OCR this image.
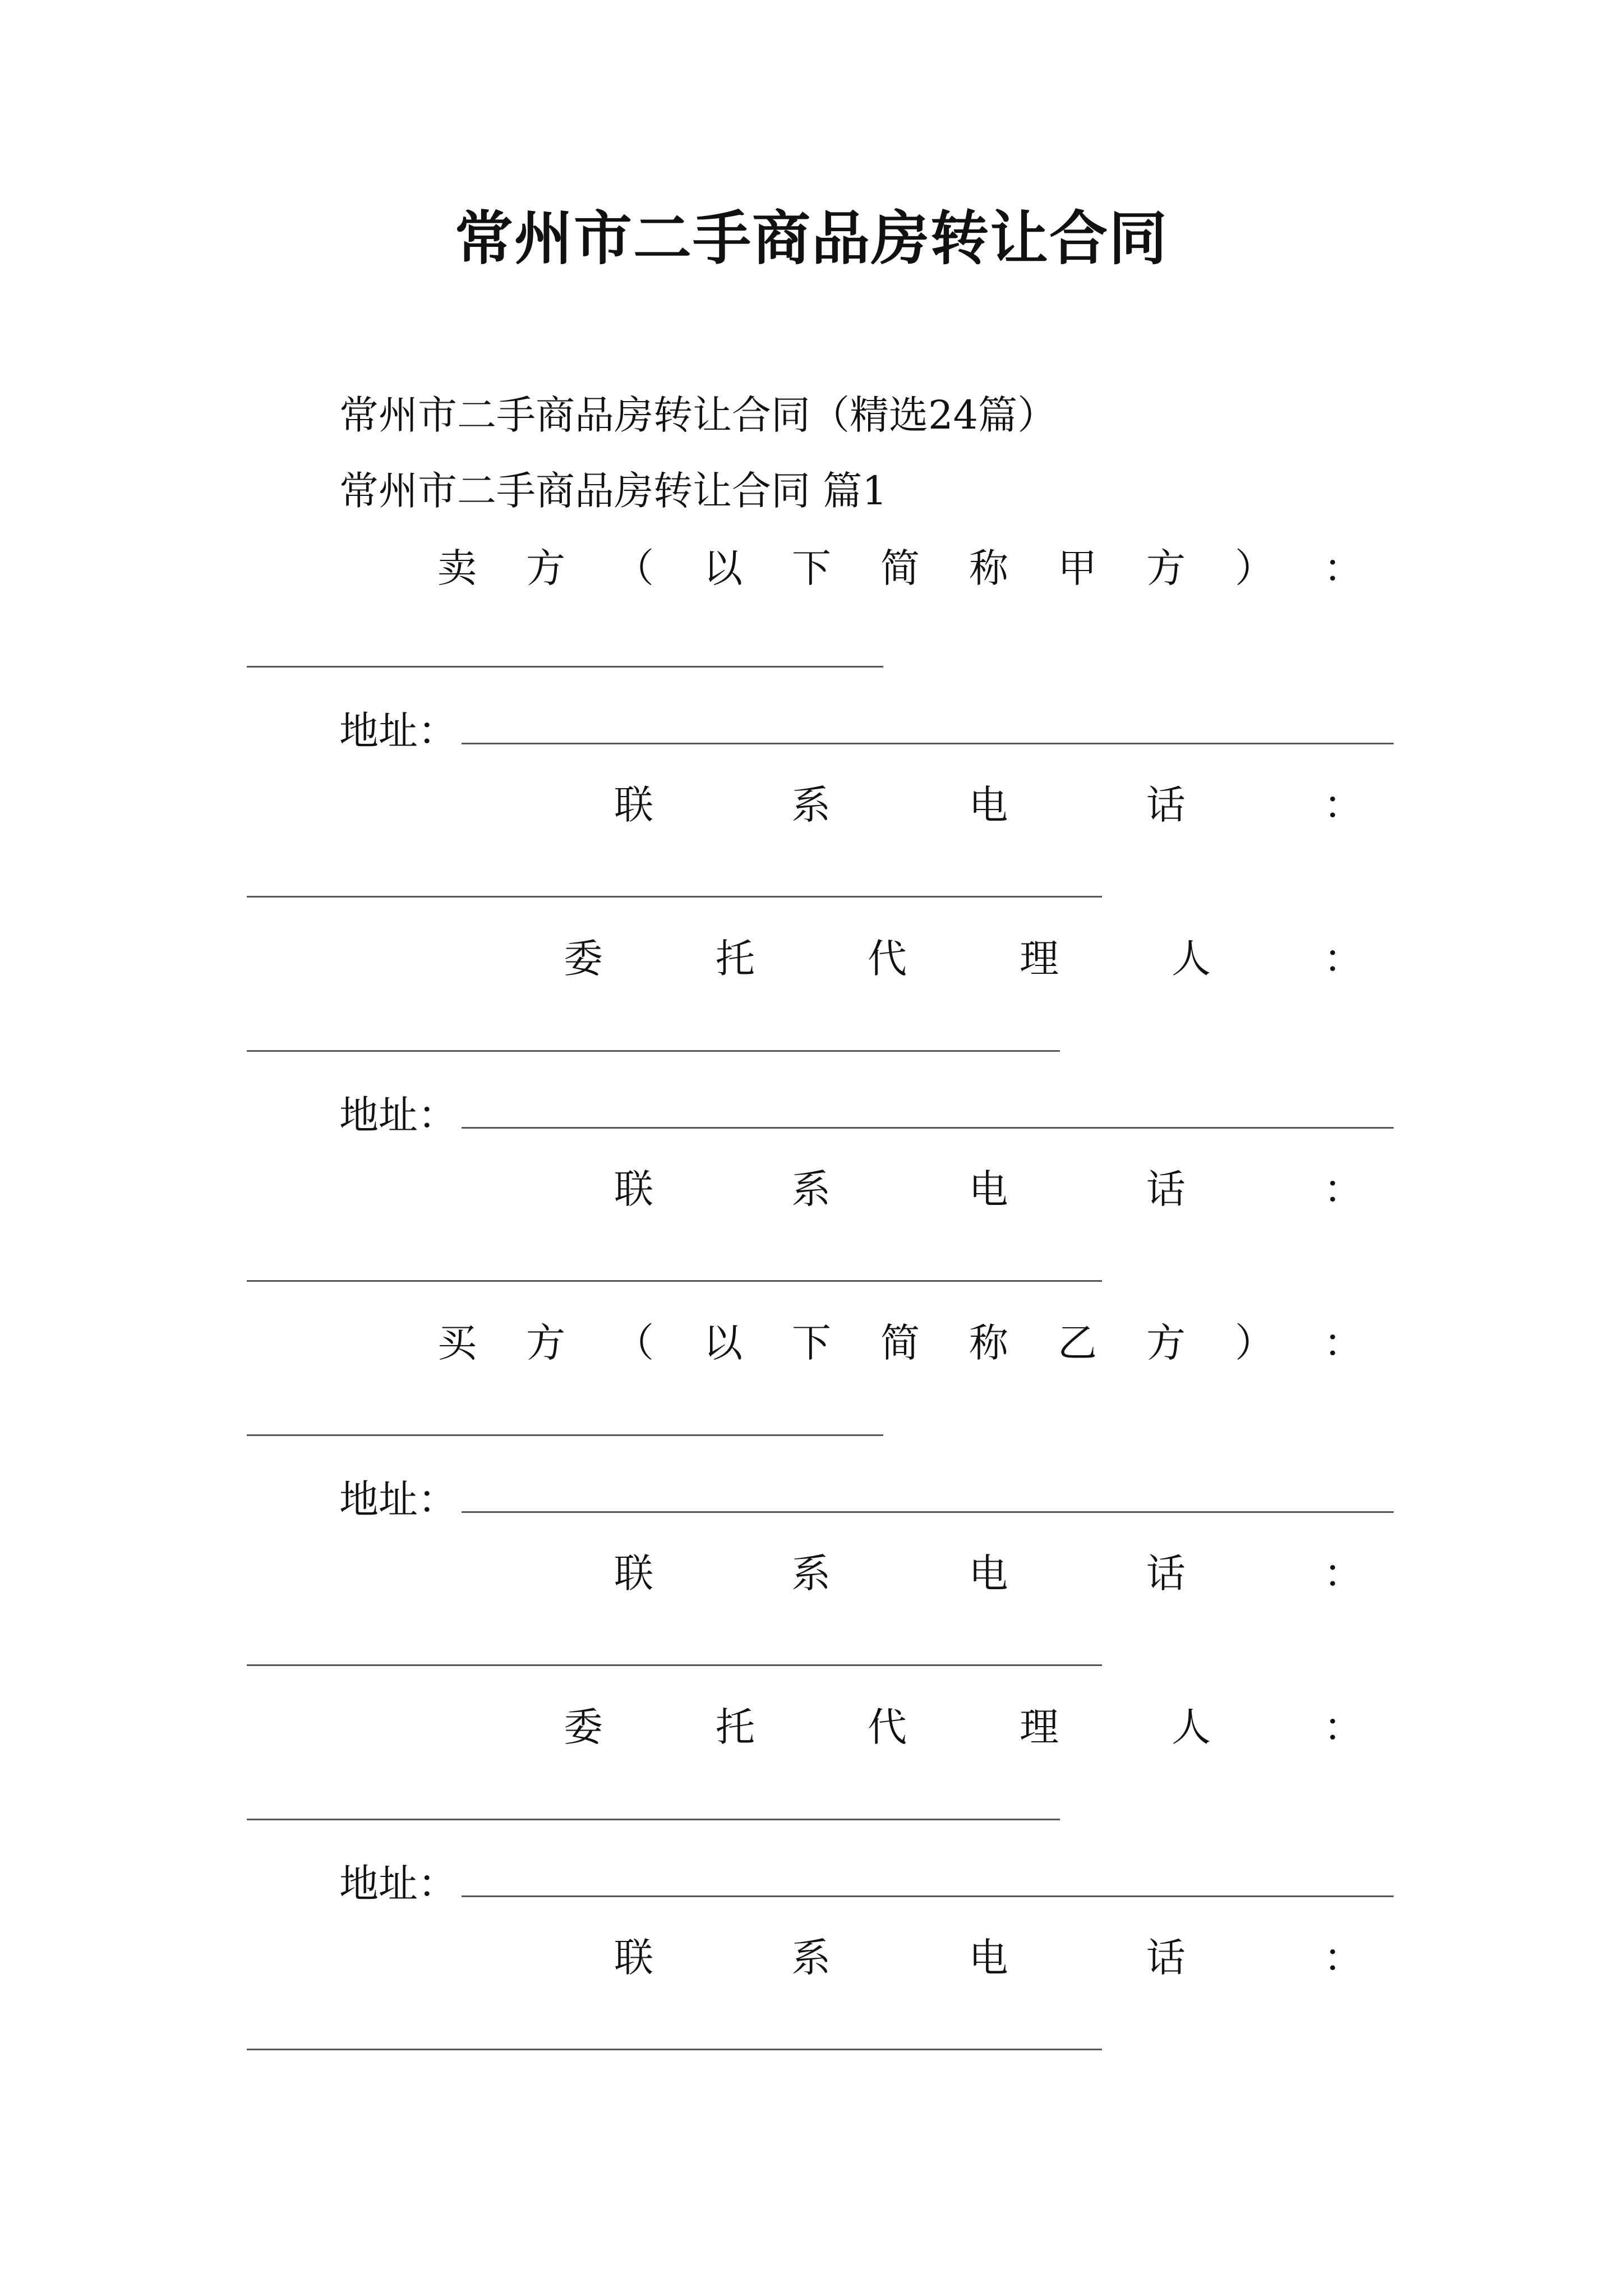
常州市二手商品房转让合同
常州市二手商品房转让合同（精选24篇）
常州市二手商品房转让合同 篇1
卖 方 （ 以 下 简 称 甲 方 ） ：
地址：
联	系	电	话	：
委	托	代	理	人	：
地址：
联	系	电	话	：
买 方 （ 以 下 简 称 乙 方 ） ：
地址：
联	系	电	话	：
委	托	代	理	人	：
地址：
联	系	电	话	：
